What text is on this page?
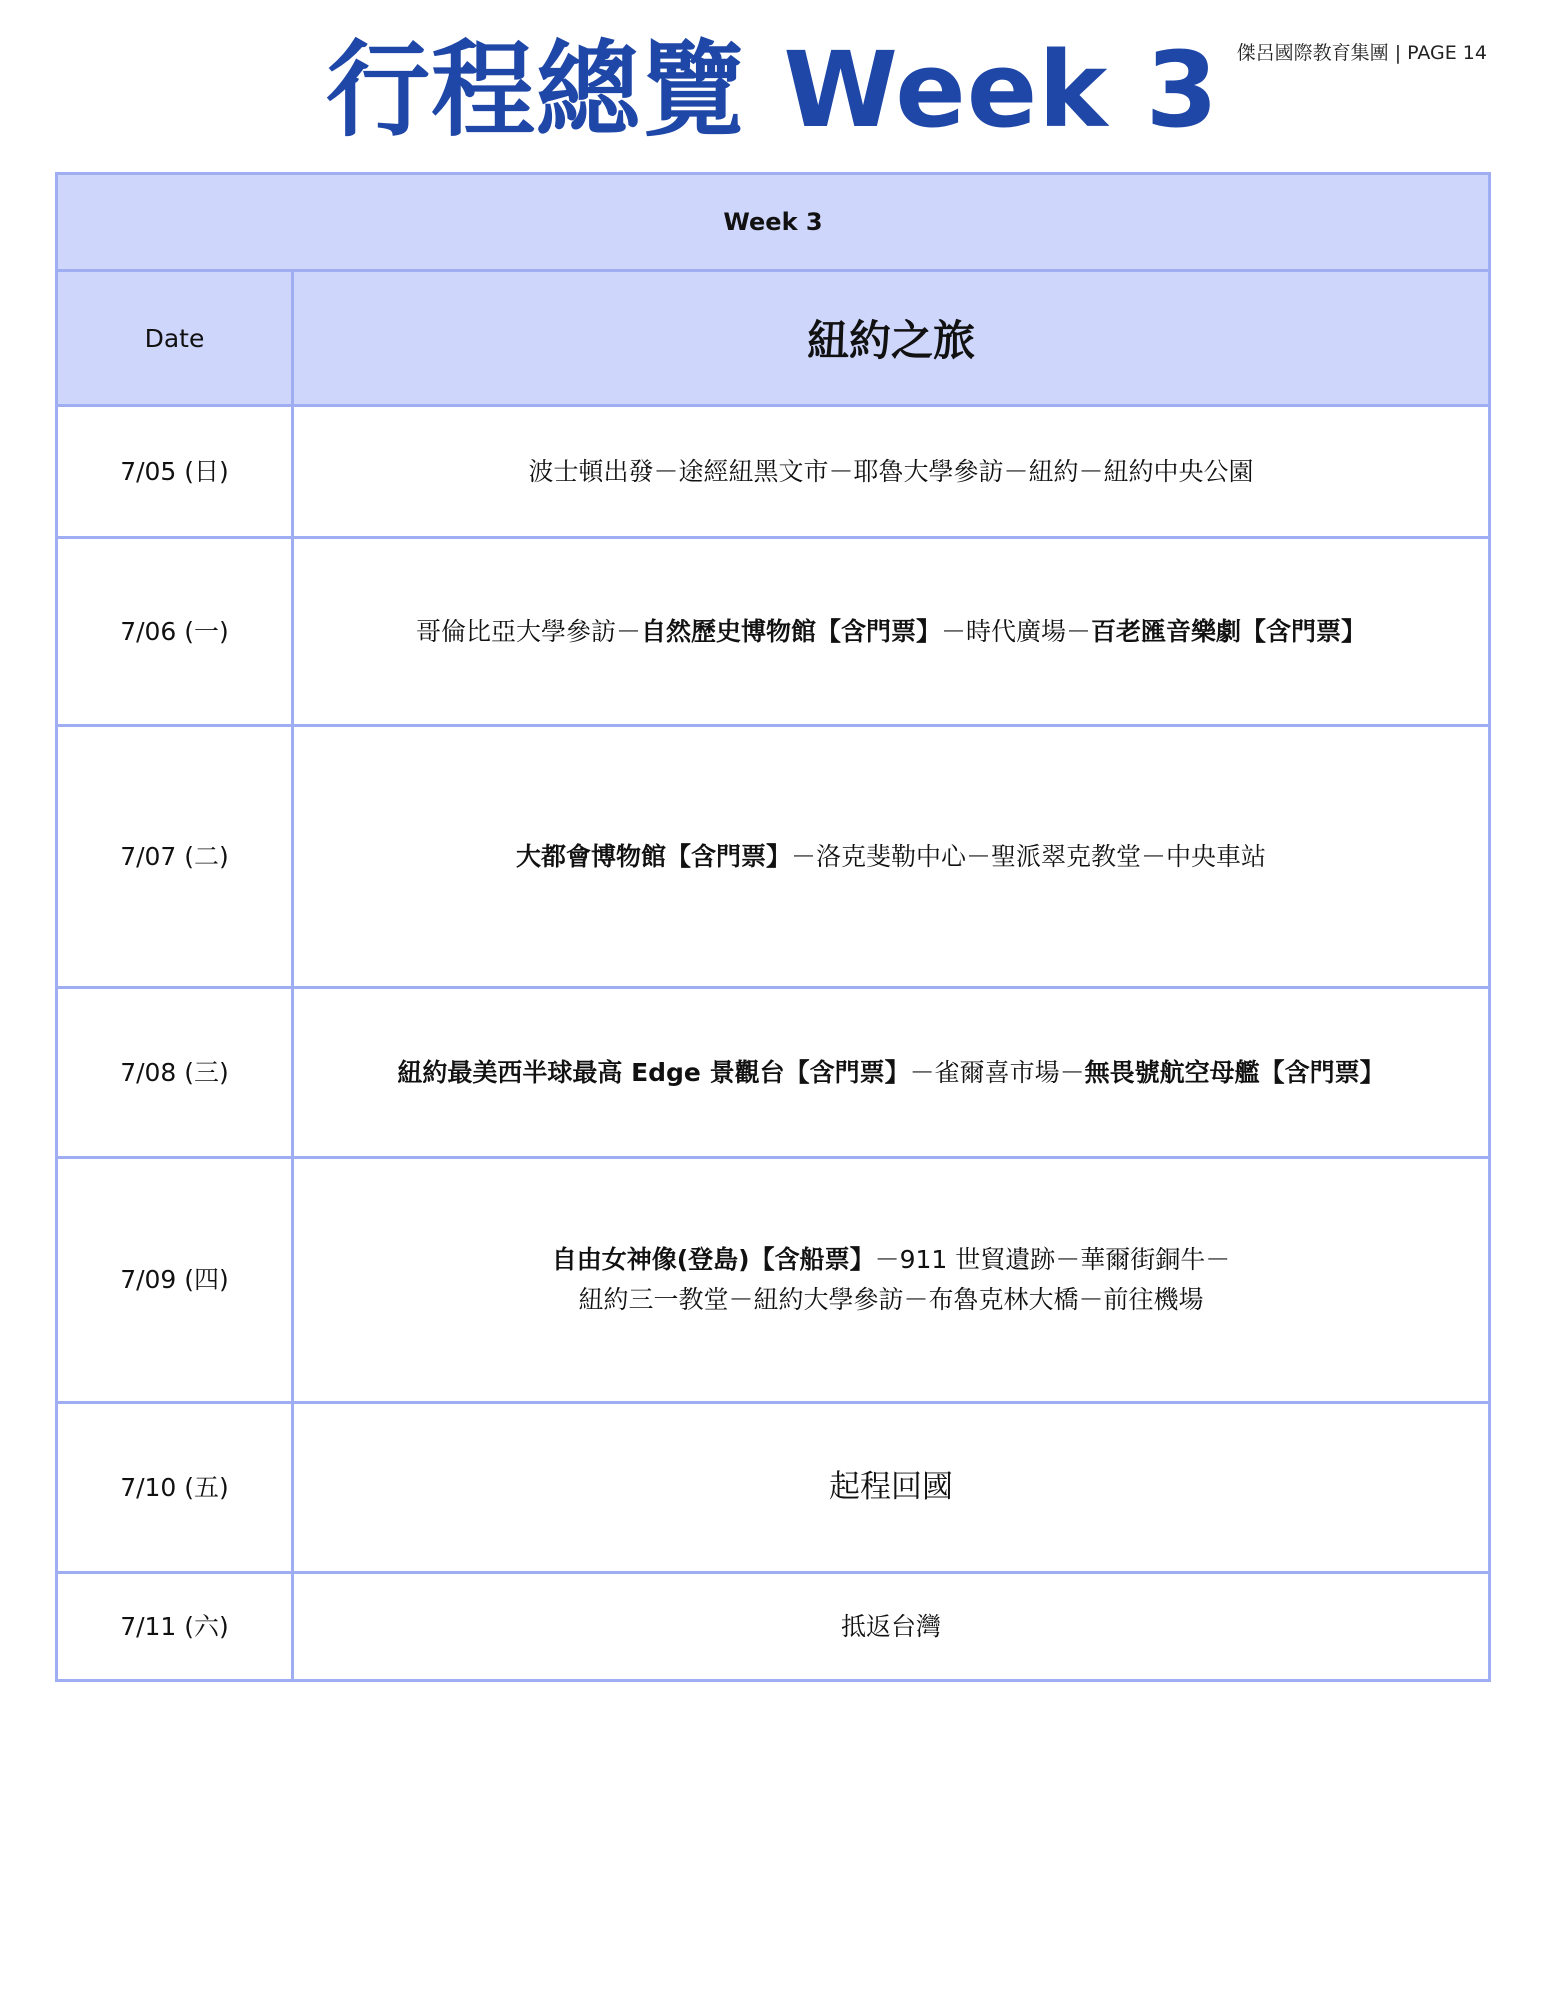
傑呂國際教育集團 | PAGE 14
行程總覽 Week 3
Week 3	
Date	紐約之旅
7/05 (日)	波士頓出發－途經紐黑文市－耶魯大學參訪－紐約－紐約中央公園
7/06 (一)	哥倫比亞大學參訪－自然歷史博物館【含門票】－時代廣場－百老匯音樂劇【含門票】
7/07 (二)	大都會博物館【含門票】－洛克斐勒中心－聖派翠克教堂－中央車站
7/08 (三)	紐約最美西半球最高 Edge 景觀台【含門票】－雀爾喜市場－無畏號航空母艦【含門票】
7/09 (四)	自由女神像(登島)【含船票】－911 世貿遺跡－華爾街銅牛－
紐約三一教堂－紐約大學參訪－布魯克林大橋－前往機場
7/10 (五)	起程回國
7/11 (六)	抵返台灣
